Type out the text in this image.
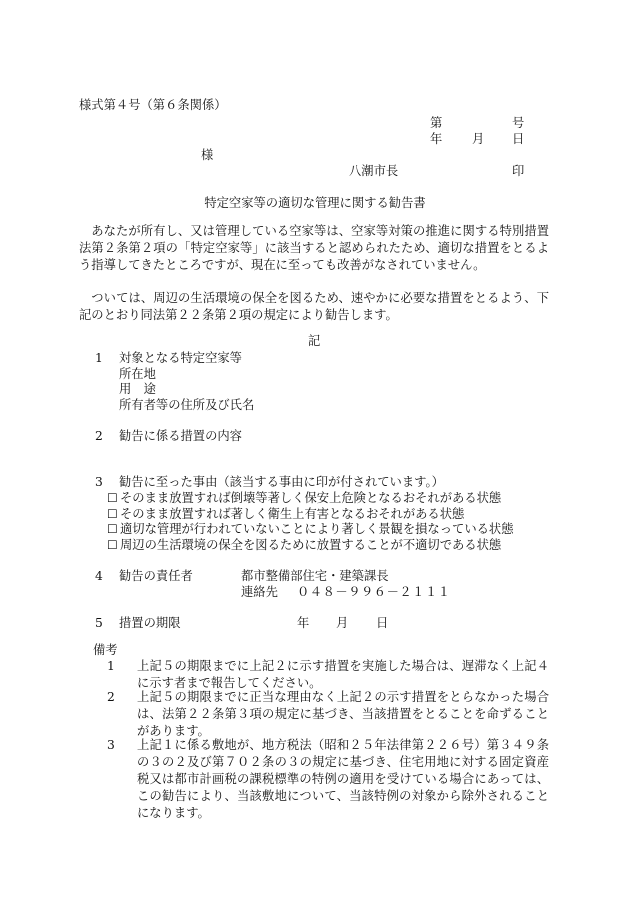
様式第４号（第６条関係）
第	号
年 月 日
様
八潮市長	印
特定空家等の適切な管理に関する勧告書
あなたが所有し、又は管理している空家等は、空家等対策の推進に関する特別措置法第２条第２項の「特定空家等」に該当すると認められたため、適切な措置をとるよう指導してきたところですが、現在に至っても改善がなされていません。
ついては、周辺の生活環境の保全を図るため、速やかに必要な措置をとるよう、下記のとおり同法第２２条第２項の規定により勧告します。
記
1 対象となる特定空家等
所在地
用　途
所有者等の住所及び氏名
2 勧告に係る措置の内容
3 勧告に至った事由（該当する事由に印が付されています。）
☐ そのまま放置すれば倒壊等著しく保安上危険となるおそれがある状態
☐ そのまま放置すれば著しく衛生上有害となるおそれがある状態
☐ 適切な管理が行われていないことにより著しく景観を損なっている状態
☐ 周辺の生活環境の保全を図るために放置することが不適切である状態
4 勧告の責任者	都市整備部住宅・建築課長
連絡先 ０４８－９９６－２１１１
5 措置の期限	年 月 日
備考
1	上記５の期限までに上記２に示す措置を実施した場合は、遅滞なく上記４に示す者まで報告してください。
2	上記５の期限までに正当な理由なく上記２の示す措置をとらなかった場合は、法第２２条第３項の規定に基づき、当該措置をとることを命ずることがあります。
3	上記１に係る敷地が、地方税法（昭和２５年法律第２２６号）第３４９条の３の２及び第７０２条の３の規定に基づき、住宅用地に対する固定資産税又は都市計画税の課税標準の特例の適用を受けている場合にあっては、この勧告により、当該敷地について、当該特例の対象から除外されることになります。
